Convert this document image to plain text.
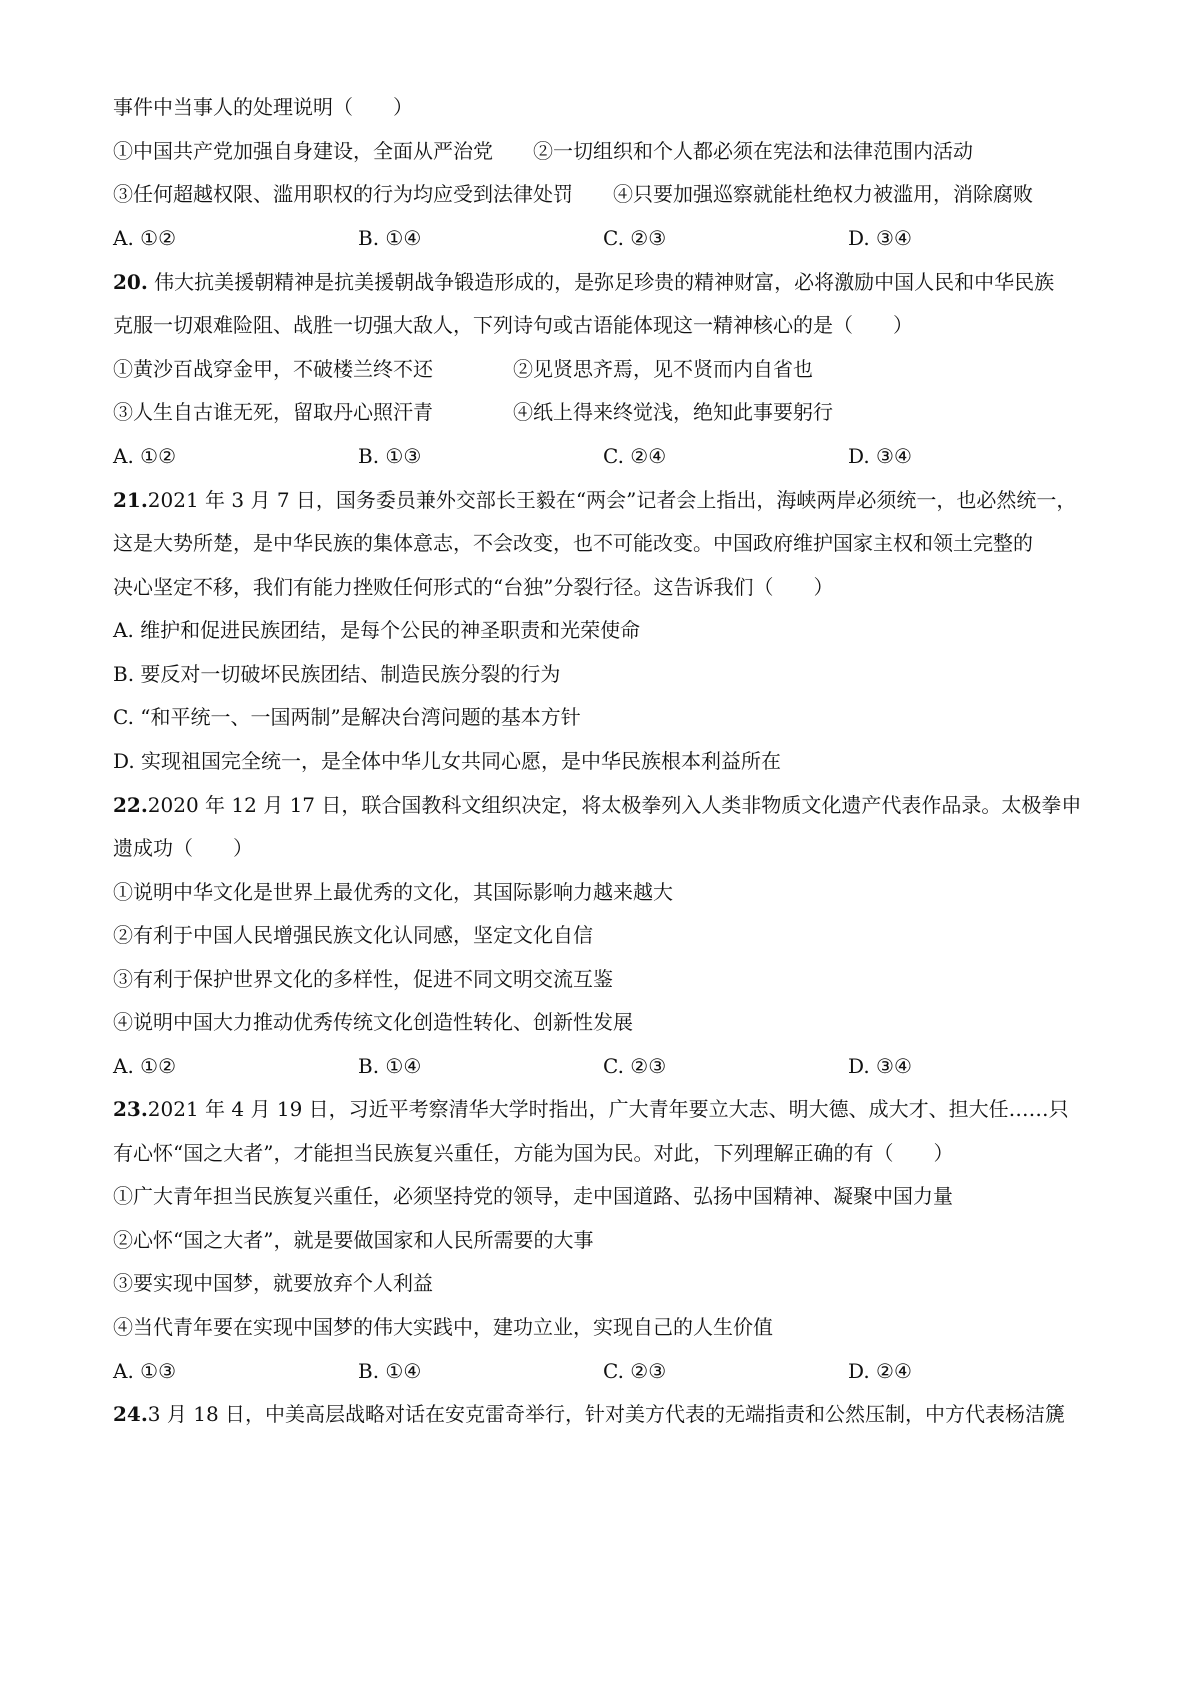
事件中当事人的处理说明（　　）
①中国共产党加强自身建设，全面从严治党　　②一切组织和个人都必须在宪法和法律范围内活动
③任何超越权限、滥用职权的行为均应受到法律处罚　　④只要加强巡察就能杜绝权力被滥用，消除腐败
A. ①②	B. ①④	C. ②③	D. ③④
20. 伟大抗美援朝精神是抗美援朝战争锻造形成的，是弥足珍贵的精神财富，必将激励中国人民和中华民族
克服一切艰难险阻、战胜一切强大敌人，下列诗句或古语能体现这一精神核心的是（　　）
①黄沙百战穿金甲，不破楼兰终不还　　　　②见贤思齐焉，见不贤而内自省也
③人生自古谁无死，留取丹心照汗青　　　　④纸上得来终觉浅，绝知此事要躬行
A. ①②	B. ①③	C. ②④	D. ③④
21.2021 年 3 月 7 日，国务委员兼外交部长王毅在“两会”记者会上指出，海峡两岸必须统一，也必然统一，
这是大势所楚，是中华民族的集体意志，不会改变，也不可能改变。中国政府维护国家主权和领土完整的
决心坚定不移，我们有能力挫败任何形式的“台独”分裂行径。这告诉我们（　　）
A. 维护和促进民族团结，是每个公民的神圣职责和光荣使命
B. 要反对一切破坏民族团结、制造民族分裂的行为
C. “和平统一、一国两制”是解决台湾问题的基本方针
D. 实现祖国完全统一，是全体中华儿女共同心愿，是中华民族根本利益所在
22.2020 年 12 月 17 日，联合国教科文组织决定，将太极拳列入人类非物质文化遗产代表作品录。太极拳申
遗成功（　　）
①说明中华文化是世界上最优秀的文化，其国际影响力越来越大
②有利于中国人民增强民族文化认同感，坚定文化自信
③有利于保护世界文化的多样性，促进不同文明交流互鉴
④说明中国大力推动优秀传统文化创造性转化、创新性发展
A. ①②	B. ①④	C. ②③	D. ③④
23.2021 年 4 月 19 日，习近平考察清华大学时指出，广大青年要立大志、明大德、成大才、担大任……只
有心怀“国之大者”，才能担当民族复兴重任，方能为国为民。对此，下列理解正确的有（　　）
①广大青年担当民族复兴重任，必须坚持党的领导，走中国道路、弘扬中国精神、凝聚中国力量
②心怀“国之大者”，就是要做国家和人民所需要的大事
③要实现中国梦，就要放弃个人利益
④当代青年要在实现中国梦的伟大实践中，建功立业，实现自己的人生价值
A. ①③	B. ①④	C. ②③	D. ②④
24.3 月 18 日，中美高层战略对话在安克雷奇举行，针对美方代表的无端指责和公然压制，中方代表杨洁篪
